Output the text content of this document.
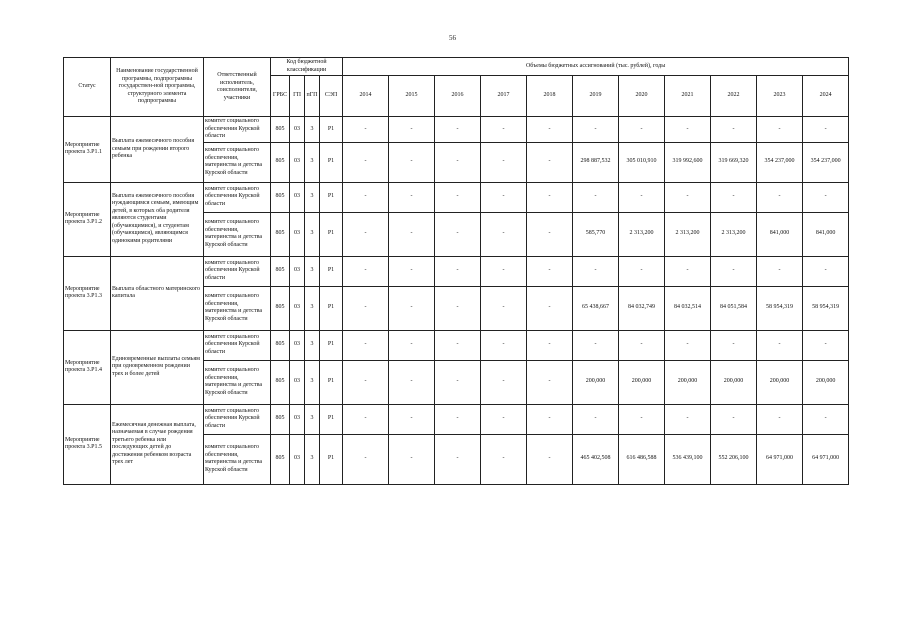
56
Статус	Наименование государственной программы, подпрограммы государствен-ной программы, структурного элемента подпрограммы	Ответственный исполнитель, соисполнители, участники	Код бюджетной классификации				Объемы бюджетных ассигнований (тыс. рублей), годы										
			ГРБС	ГП	пГП	СЭП	2014	2015	2016	2017	2018	2019	2020	2021	2022	2023	2024
Мероприятие проекта 3.Р1.1	Выплата ежемесячного пособия семьям при рождении второго ребенка	комитет социального обеспечения Курской области	805	03	3	Р1	-	-	-	-	-	-	-	-	-	-	-
		комитет социального обеспечения, материнства и детства Курской области	805	03	3	Р1	-	-	-	-	-	298 887,532	305 010,910	319 992,600	319 669,320	354 237,000	354 237,000
Мероприятие проекта 3.Р1.2	Выплата ежемесячного пособия нуждающимся семьям, имеющим детей, в которых оба родителя являются студентами (обучающимися), и студентам (обучающимся), являющимся одинокими родителями	комитет социального обеспечения Курской области	805	03	3	Р1	-	-	-	-	-	-	-	-	-	-	-
		комитет социального обеспечения, материнства и детства Курской области	805	03	3	Р1	-	-	-	-	-	585,770	2 313,200	2 313,200	2 313,200	841,000	841,000
Мероприятие проекта 3.Р1.3	Выплата областного материнского капитала	комитет социального обеспечения Курской области	805	03	3	Р1	-	-	-	-	-	-	-	-	-	-	-
		комитет социального обеспечения, материнства и детства Курской области	805	03	3	Р1	-	-	-	-	-	65 438,667	84 032,749	84 032,514	84 051,584	58 954,319	58 954,319
Мероприятие проекта 3.Р1.4	Единовременные выплаты семьям при одновременном рождении трех и более детей	комитет социального обеспечения Курской области	805	03	3	Р1	-	-	-	-	-	-	-	-	-	-	-
		комитет социального обеспечения, материнства и детства Курской области	805	03	3	Р1	-	-	-	-	-	200,000	200,000	200,000	200,000	200,000	200,000
Мероприятие проекта 3.Р1.5	Ежемесячная денежная выплата, назначаемая в случае рождения третьего ребенка или последующих детей до достижения ребенком возраста трех лет	комитет социального обеспечения Курской области	805	03	3	Р1	-	-	-	-	-	-	-	-	-	-	-
		комитет социального обеспечения, материнства и детства Курской области	805	03	3	Р1	-	-	-	-	-	465 402,508	616 486,588	536 439,100	552 206,100	64 971,000	64 971,000
